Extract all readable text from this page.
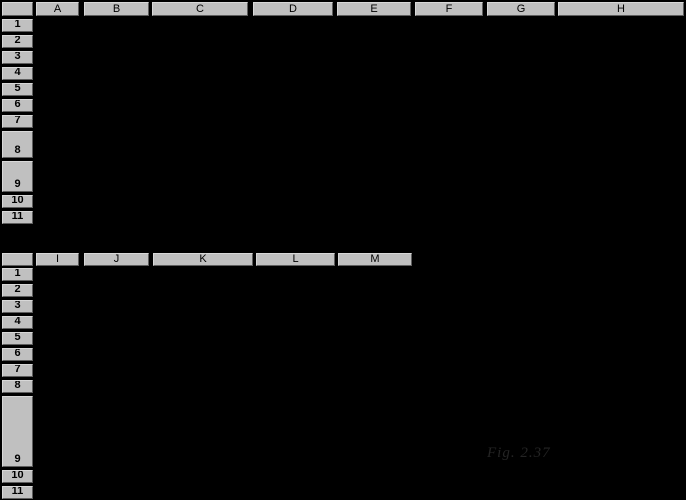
A	B	C	D	E	F	G	H
1
2
3
4
5
6
7
8
9
10
11
I	J	K	L	M
1
2
3
4
5
6
7
8
9
10
11
Fig. 2.37
